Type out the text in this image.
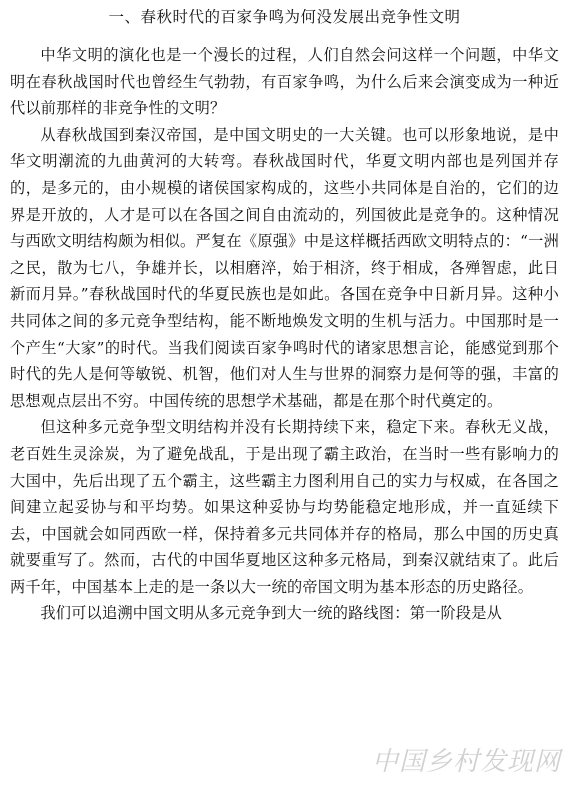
一、春秋时代的百家争鸣为何没发展出竞争性文明

中华文明的演化也是一个漫长的过程，人们自然会问这样一个问题，中华文明在春秋战国时代也曾经生气勃勃，有百家争鸣，为什么后来会演变成为一种近代以前那样的非竞争性的文明？

从春秋战国到秦汉帝国，是中国文明史的一大关键。也可以形象地说，是中华文明潮流的九曲黄河的大转弯。春秋战国时代，华夏文明内部也是列国并存的，是多元的，由小规模的诸侯国家构成的，这些小共同体是自治的，它们的边界是开放的，人才是可以在各国之间自由流动的，列国彼此是竞争的。这种情况与西欧文明结构颇为相似。严复在《原强》中是这样概括西欧文明特点的：“一洲之民，散为七八，争雄并长，以相磨淬，始于相济，终于相成，各殚智虑，此日新而月异。”春秋战国时代的华夏民族也是如此。各国在竞争中日新月异。这种小共同体之间的多元竞争型结构，能不断地焕发文明的生机与活力。中国那时是一个产生“大家”的时代。当我们阅读百家争鸣时代的诸家思想言论，能感觉到那个时代的先人是何等敏锐、机智，他们对人生与世界的洞察力是何等的强，丰富的思想观点层出不穷。中国传统的思想学术基础，都是在那个时代奠定的。

但这种多元竞争型文明结构并没有长期持续下来，稳定下来。春秋无义战，老百姓生灵涂炭，为了避免战乱，于是出现了霸主政治，在当时一些有影响力的大国中，先后出现了五个霸主，这些霸主力图利用自己的实力与权威，在各国之间建立起妥协与和平均势。如果这种妥协与均势能稳定地形成，并一直延续下去，中国就会如同西欧一样，保持着多元共同体并存的格局，那么中国的历史真就要重写了。然而，古代的中国华夏地区这种多元格局，到秦汉就结束了。此后两千年，中国基本上走的是一条以大一统的帝国文明为基本形态的历史路径。

我们可以追溯中国文明从多元竞争到大一统的路线图：第一阶段是从

中国乡村发现网
